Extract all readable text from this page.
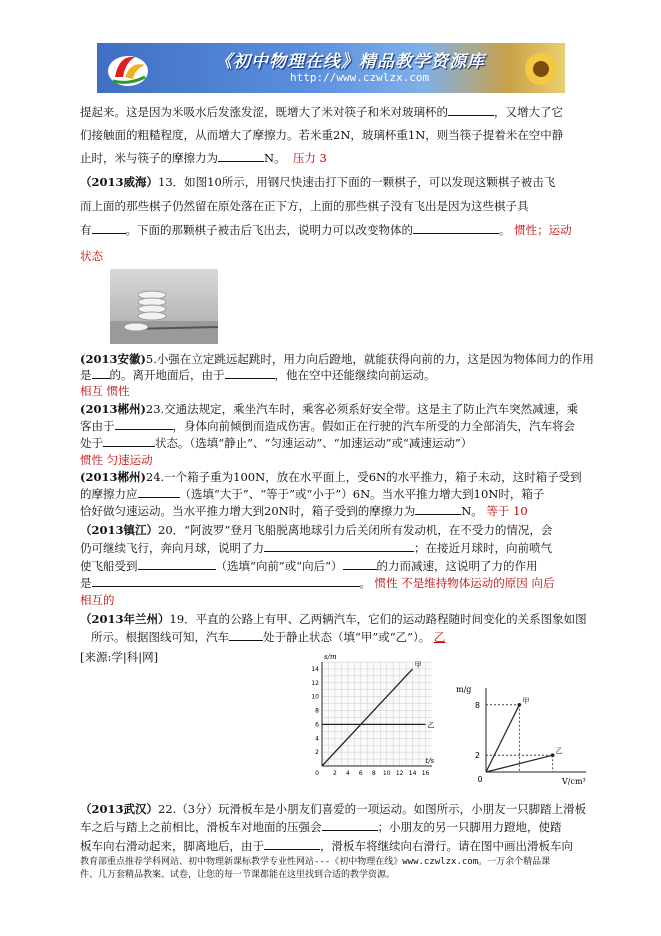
《初中物理在线》精品教学资源库
http://www.czwlzx.com
提起来。这是因为米吸水后发涨发涩，既增大了米对筷子和米对玻璃杯的	，又增大了它
们接触面的粗糙程度，从而增大了摩擦力。若米重2N，玻璃杯重1N，则当筷子提着米在空中静
止时，米与筷子的摩擦力为	N。 压力 3
（2013威海）13．如图10所示，用钢尺快速击打下面的一颗棋子，可以发现这颗棋子被击飞
而上面的那些棋子仍然留在原处落在正下方，上面的那些棋子没有飞出是因为这些棋子具
有	。下面的那颗棋子被击后飞出去，说明力可以改变物体的	。 惯性；运动
状态
(2013安徽)5.小强在立定跳远起跳时，用力向后蹬地，就能获得向前的力，这是因为物体间力的作用
是 的。离开地面后，由于	，他在空中还能继续向前运动。
相互 惯性
(2013郴州)23.交通法规定，乘坐汽车时，乘客必须系好安全带。这是主了防止汽车突然减速，乘
客由于	，身体向前倾倒而造成伤害。假如正在行驶的汽车所受的力全部消失，汽车将会
处于	状态。（选填“静止”、“匀速运动”、“加速运动”或“减速运动”）
惯性 匀速运动
(2013郴州)24.一个箱子重为100N，放在水平面上，受6N的水平推力，箱子未动，这时箱子受到
的摩擦力应	（选填“大于”、“等于”或“小于”）6N。当水平推力增大到10N时，箱子
恰好做匀速运动。当水平推力增大到20N时，箱子受到的摩擦力为	N。 等于 10
（2013镇江）20．“阿波罗”登月飞船脱离地球引力后关闭所有发动机，在不受力的情况，会
仍可继续飞行，奔向月球，说明了力	；在接近月球时，向前喷气
使飞船受到	（选填“向前”或“向后”）	的力而减速，这说明了力的作用
是	。 惯性 不是维持物体运动的原因 向后
相互的
（2013年兰州）19．平直的公路上有甲、乙两辆汽车，它们的运动路程随时间变化的关系图象如图
所示。根据图线可知，汽车	处于静止状态（填“甲”或“乙”）。 乙
[来源:学|科|网]
2 4 6 8 10 12 14 16
2
4
6
8
10
12
14
0
s/m
t/s
甲
乙
m/g
V/cm³
0
2
8	甲
乙
（2013武汉）22.（3分）玩滑板车是小朋友们喜爱的一项运动。如图所示，小朋友一只脚踏上滑板
车之后与踏上之前相比，滑板车对地面的压强会	；小朋友的另一只脚用力蹬地，使踏
板车向右滑动起来，脚离地后，由于	，滑板车将继续向右滑行。请在图中画出滑板车向
教育部重点推荐学科网站、初中物理新课标教学专业性网站---《初中物理在线》www.czwlzx.com。一万余个精品课
件、几万套精品教案、试卷，让您的每一节课都能在这里找到合适的教学资源。
